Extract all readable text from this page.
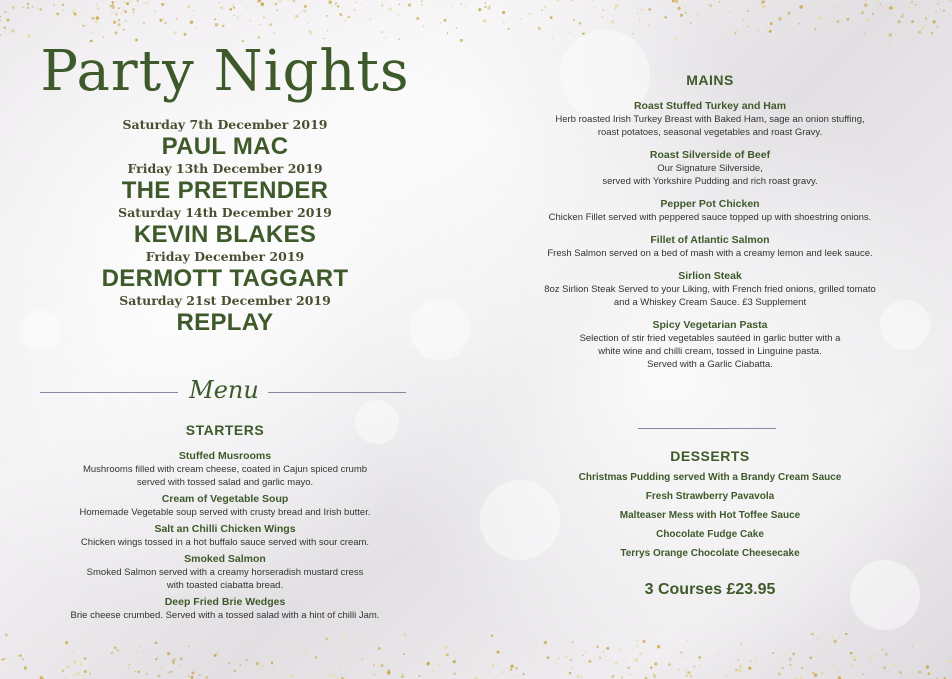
Party Nights
Saturday 7th December 2019
PAUL MAC
Friday 13th December 2019
THE PRETENDER
Saturday 14th December 2019
KEVIN BLAKES
Friday December 2019
DERMOTT TAGGART
Saturday 21st December 2019
REPLAY
Menu
STARTERS
Stuffed Musrooms
Mushrooms filled with cream cheese, coated in Cajun spiced crumb
served with tossed salad and garlic mayo.
Cream of Vegetable Soup
Homemade Vegetable soup served with crusty bread and Irish butter.
Salt an Chilli Chicken Wings
Chicken wings tossed in a hot buffalo sauce served with sour cream.
Smoked Salmon
Smoked Salmon served with a creamy horseradish mustard cress
with toasted ciabatta bread.
Deep Fried Brie Wedges
Brie cheese crumbed. Served with a tossed salad with a hint of chilli Jam.
MAINS
Roast Stuffed Turkey and Ham
Herb roasted Irish Turkey Breast with Baked Ham, sage an onion stuffing,
roast potatoes, seasonal vegetables and roast Gravy.
Roast Silverside of Beef
Our Signature Silverside,
served with Yorkshire Pudding and rich roast gravy.
Pepper Pot Chicken
Chicken Fillet served with peppered sauce topped up with shoestring onions.
Fillet of Atlantic Salmon
Fresh Salmon served on a bed of mash with a creamy lemon and leek sauce.
Sirlion Steak
8oz Sirlion Steak Served to your Liking, with French fried onions, grilled tomato
and a Whiskey Cream Sauce. £3 Supplement
Spicy Vegetarian Pasta
Selection of stir fried vegetables sautéed in garlic butter with a
white wine and chilli cream, tossed in Linguine pasta.
Served with a Garlic Ciabatta.
DESSERTS
Christmas Pudding served With a Brandy Cream Sauce
Fresh Strawberry Pavavola
Malteaser Mess with Hot Toffee Sauce
Chocolate Fudge Cake
Terrys Orange Chocolate Cheesecake
3 Courses £23.95
